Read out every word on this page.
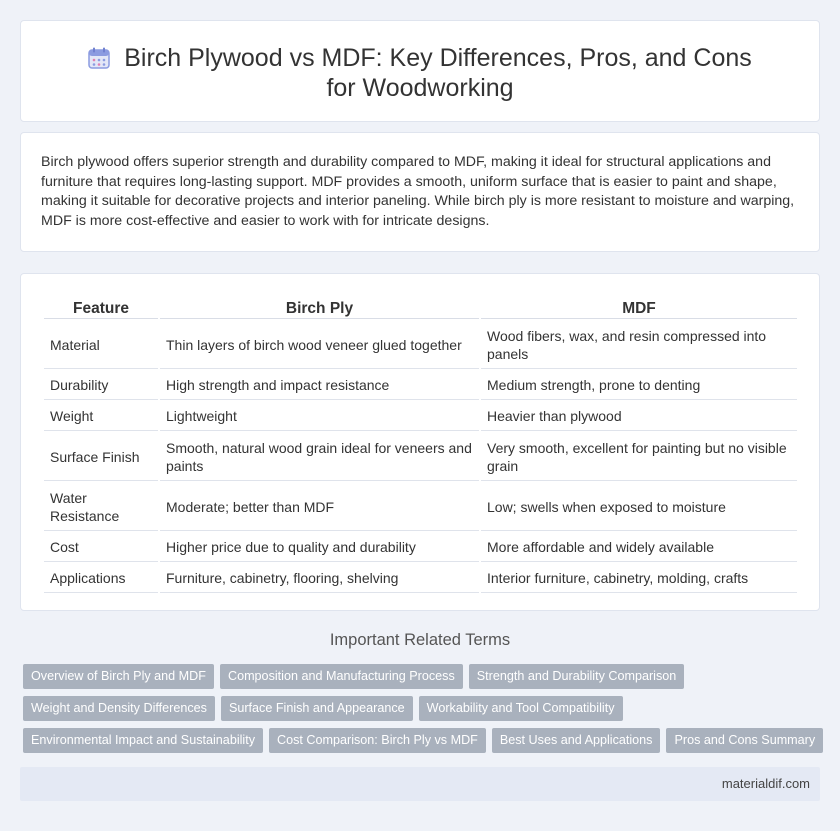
Birch Plywood vs MDF: Key Differences, Pros, and Cons for Woodworking

Birch plywood offers superior strength and durability compared to MDF, making it ideal for structural applications and furniture that requires long-lasting support. MDF provides a smooth, uniform surface that is easier to paint and shape, making it suitable for decorative projects and interior paneling. While birch ply is more resistant to moisture and warping, MDF is more cost-effective and easier to work with for intricate designs.

Feature	Birch Ply	MDF
Material	Thin layers of birch wood veneer glued together	Wood fibers, wax, and resin compressed into panels
Durability	High strength and impact resistance	Medium strength, prone to denting
Weight	Lightweight	Heavier than plywood
Surface Finish	Smooth, natural wood grain ideal for veneers and paints	Very smooth, excellent for painting but no visible grain
Water Resistance	Moderate; better than MDF	Low; swells when exposed to moisture
Cost	Higher price due to quality and durability	More affordable and widely available
Applications	Furniture, cabinetry, flooring, shelving	Interior furniture, cabinetry, molding, crafts
Important Related Terms
Overview of Birch Ply and MDF Composition and Manufacturing Process Strength and Durability Comparison
Weight and Density Differences Surface Finish and Appearance Workability and Tool Compatibility
Environmental Impact and Sustainability Cost Comparison: Birch Ply vs MDF Best Uses and Applications Pros and Cons Summary
materialdif.com
